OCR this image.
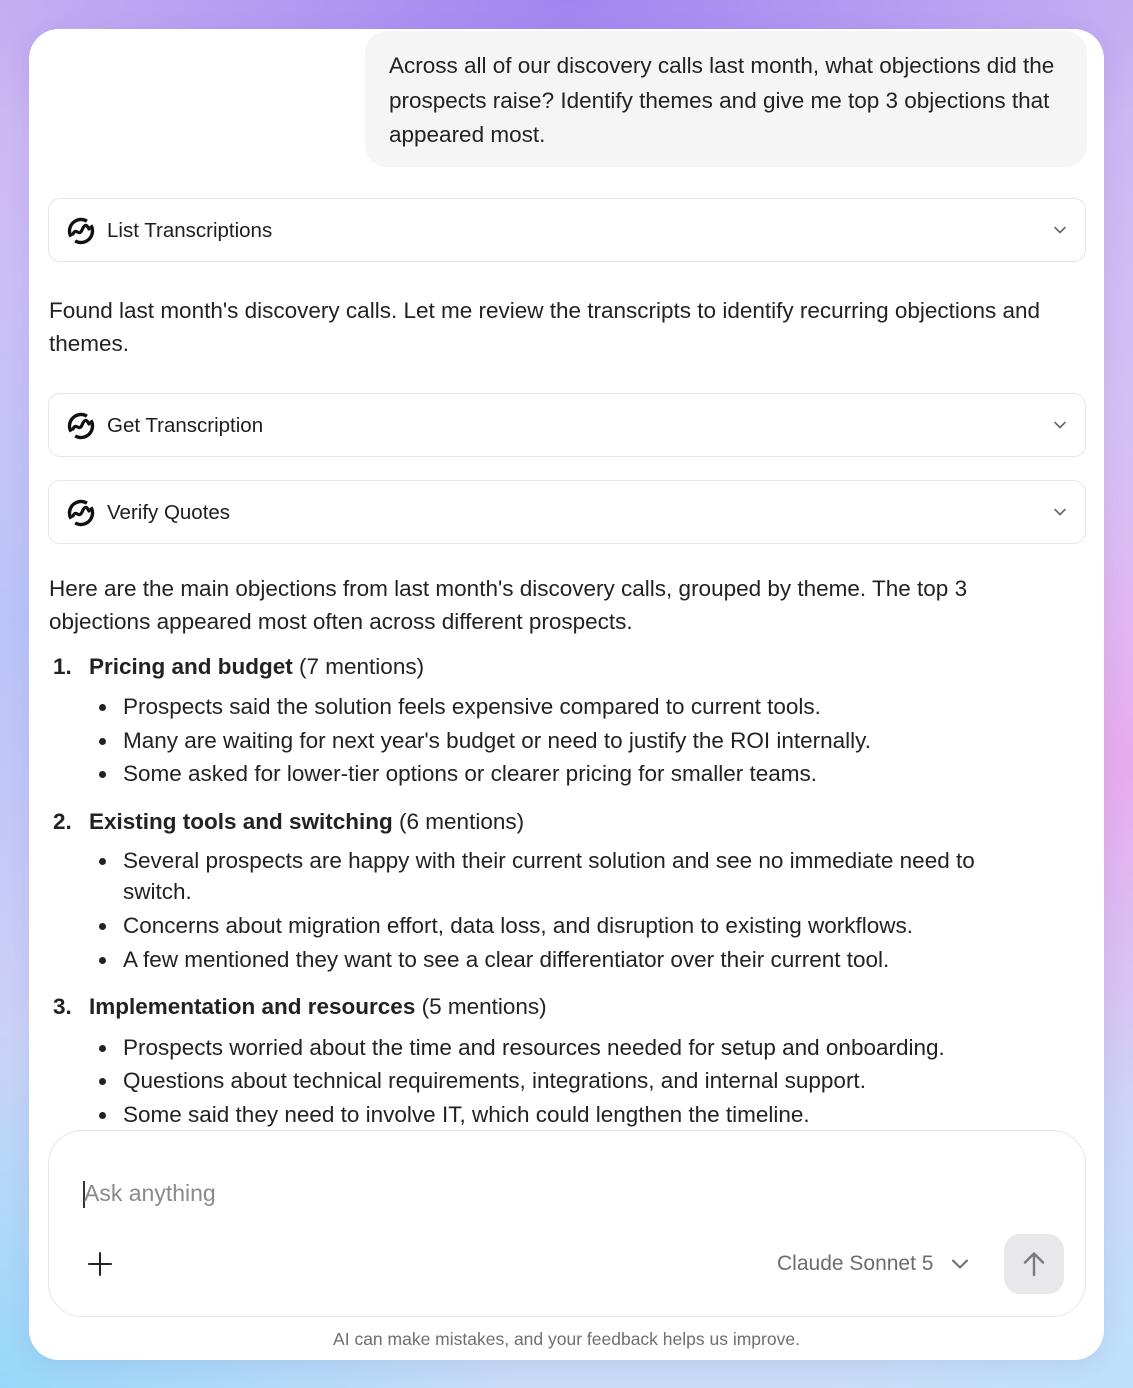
Across all of our discovery calls last month, what objections did the prospects raise? Identify themes and give me top 3 objections that appeared most.
List Transcriptions
Found last month's discovery calls. Let me review the transcripts to identify recurring objections and themes.
Get Transcription
Verify Quotes
Here are the main objections from last month's discovery calls, grouped by theme. The top 3 objections appeared most often across different prospects.
1. Pricing and budget (7 mentions)
Prospects said the solution feels expensive compared to current tools.
Many are waiting for next year's budget or need to justify the ROI internally.
Some asked for lower-tier options or clearer pricing for smaller teams.
2. Existing tools and switching (6 mentions)
Several prospects are happy with their current solution and see no immediate need to switch.
Concerns about migration effort, data loss, and disruption to existing workflows.
A few mentioned they want to see a clear differentiator over their current tool.
3. Implementation and resources (5 mentions)
Prospects worried about the time and resources needed for setup and onboarding.
Questions about technical requirements, integrations, and internal support.
Some said they need to involve IT, which could lengthen the timeline.
Ask anything
Claude Sonnet 5
AI can make mistakes, and your feedback helps us improve.
